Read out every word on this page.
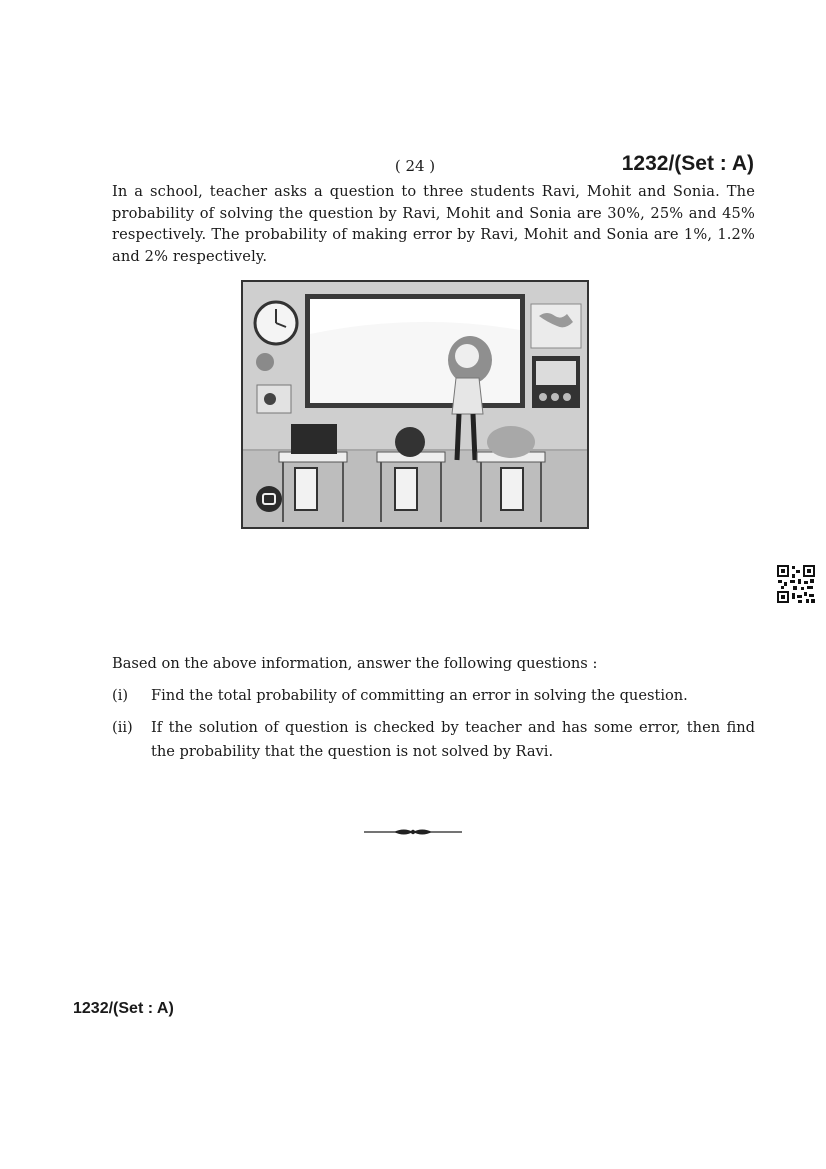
( 24 )	1232/(Set : A)
In a school, teacher asks a question to three students Ravi, Mohit and Sonia. The probability of solving the question by Ravi, Mohit and Sonia are 30%, 25% and 45% respectively. The probability of making error by Ravi, Mohit and Sonia are 1%, 1.2% and 2% respectively.
Based on the above information, answer the following questions :
(i) Find the total probability of committing an error in solving the question.
(ii) If the solution of question is checked by teacher and has some error, then find the probability that the question is not solved by Ravi.
1232/(Set : A)
